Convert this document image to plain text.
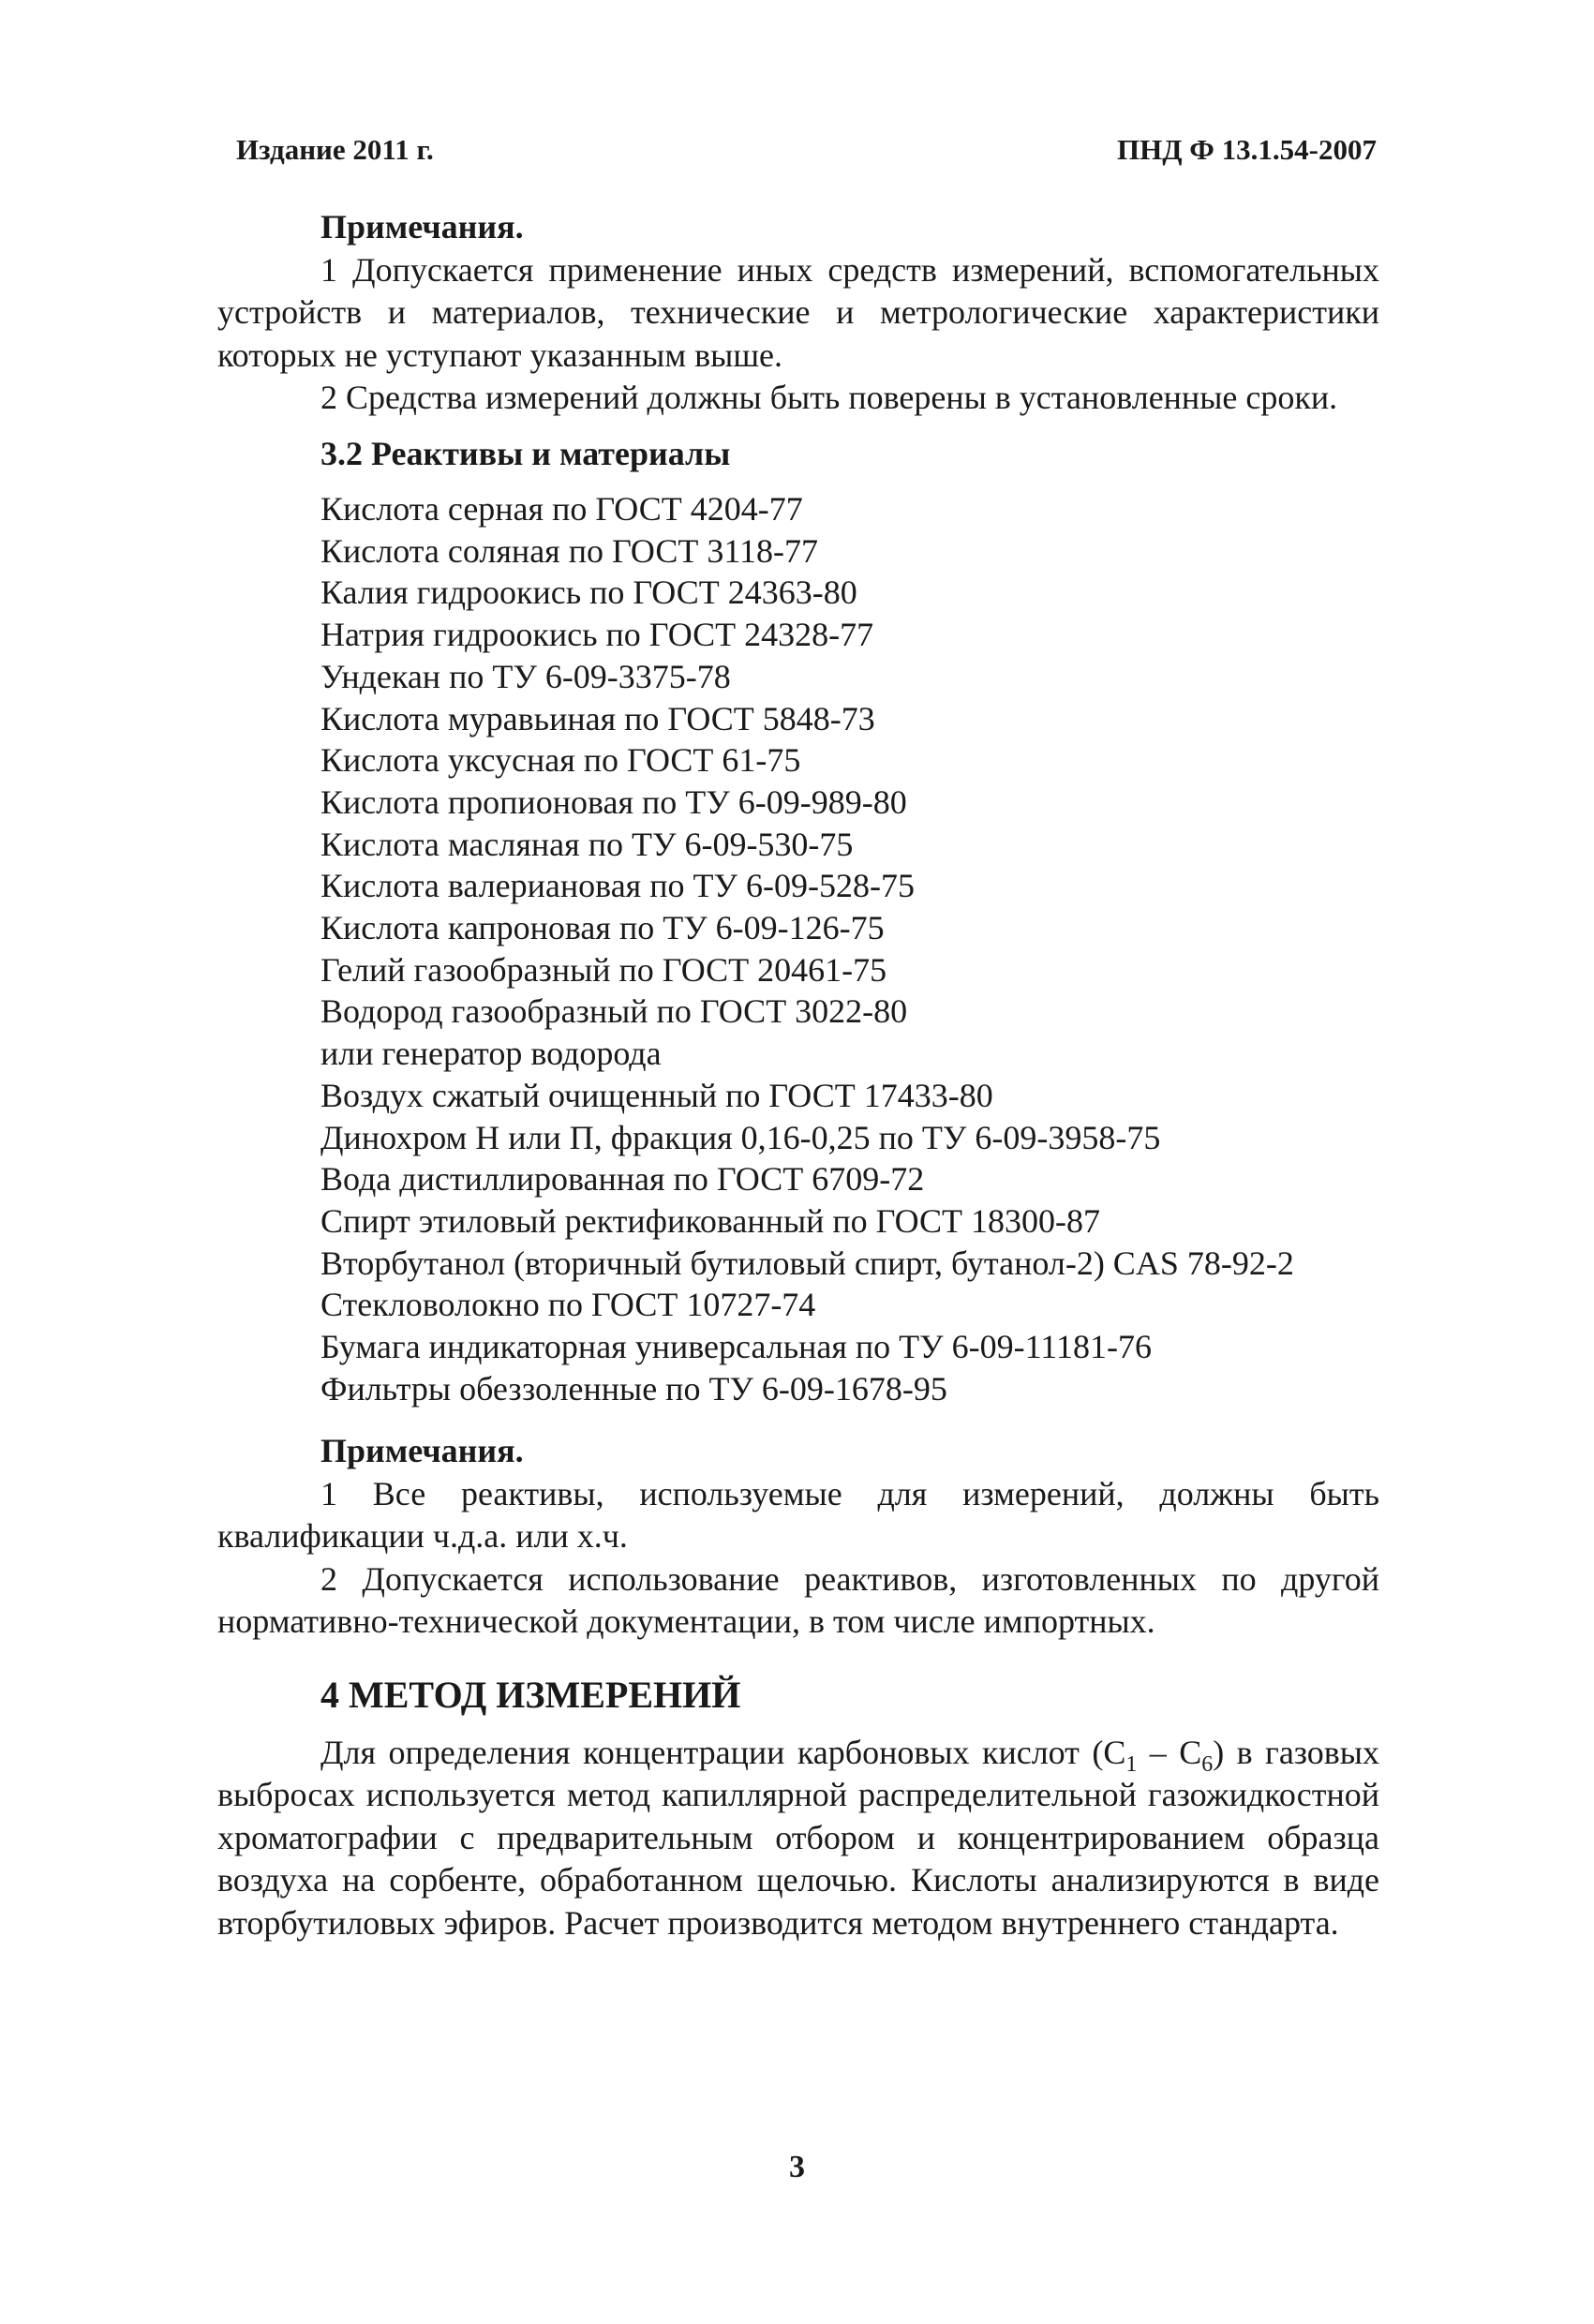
Издание 2011 г.	ПНД Ф 13.1.54-2007

Примечания.

1 Допускается применение иных средств измерений, вспомогательных устройств и материалов, технические и метрологические характеристики которых не уступают указанным выше.

2 Средства измерений должны быть поверены в установленные сроки.

3.2 Реактивы и материалы

Кислота серная по ГОСТ 4204-77
Кислота соляная по ГОСТ 3118-77
Калия гидроокись по ГОСТ 24363-80
Натрия гидроокись по ГОСТ 24328-77
Ундекан по ТУ 6-09-3375-78
Кислота муравьиная по ГОСТ 5848-73
Кислота уксусная по ГОСТ 61-75
Кислота пропионовая по ТУ 6-09-989-80
Кислота масляная по ТУ 6-09-530-75
Кислота валериановая по ТУ 6-09-528-75
Кислота капроновая по ТУ 6-09-126-75
Гелий газообразный по ГОСТ 20461-75
Водород газообразный по ГОСТ 3022-80
или генератор водорода
Воздух сжатый очищенный по ГОСТ 17433-80
Динохром Н или П, фракция 0,16-0,25 по ТУ 6-09-3958-75
Вода дистиллированная по ГОСТ 6709-72
Спирт этиловый ректификованный по ГОСТ 18300-87
Вторбутанол (вторичный бутиловый спирт, бутанол-2) CAS 78-92-2
Стекловолокно по ГОСТ 10727-74
Бумага индикаторная универсальная по ТУ 6-09-11181-76
Фильтры обеззоленные по ТУ 6-09-1678-95

Примечания.

1 Все реактивы, используемые для измерений, должны быть квалификации ч.д.а. или х.ч.

2 Допускается использование реактивов, изготовленных по другой нормативно-технической документации, в том числе импортных.

4 МЕТОД ИЗМЕРЕНИЙ

Для определения концентрации карбоновых кислот $(C_1 - C_6)$ в газовых выбросах используется метод капиллярной распределительной газожидкостной хроматографии с предварительным отбором и концентрированием образца воздуха на сорбенте, обработанном щелочью. Кислоты анализируются в виде вторбутиловых эфиров. Расчет производится методом внутреннего стандарта.

3
